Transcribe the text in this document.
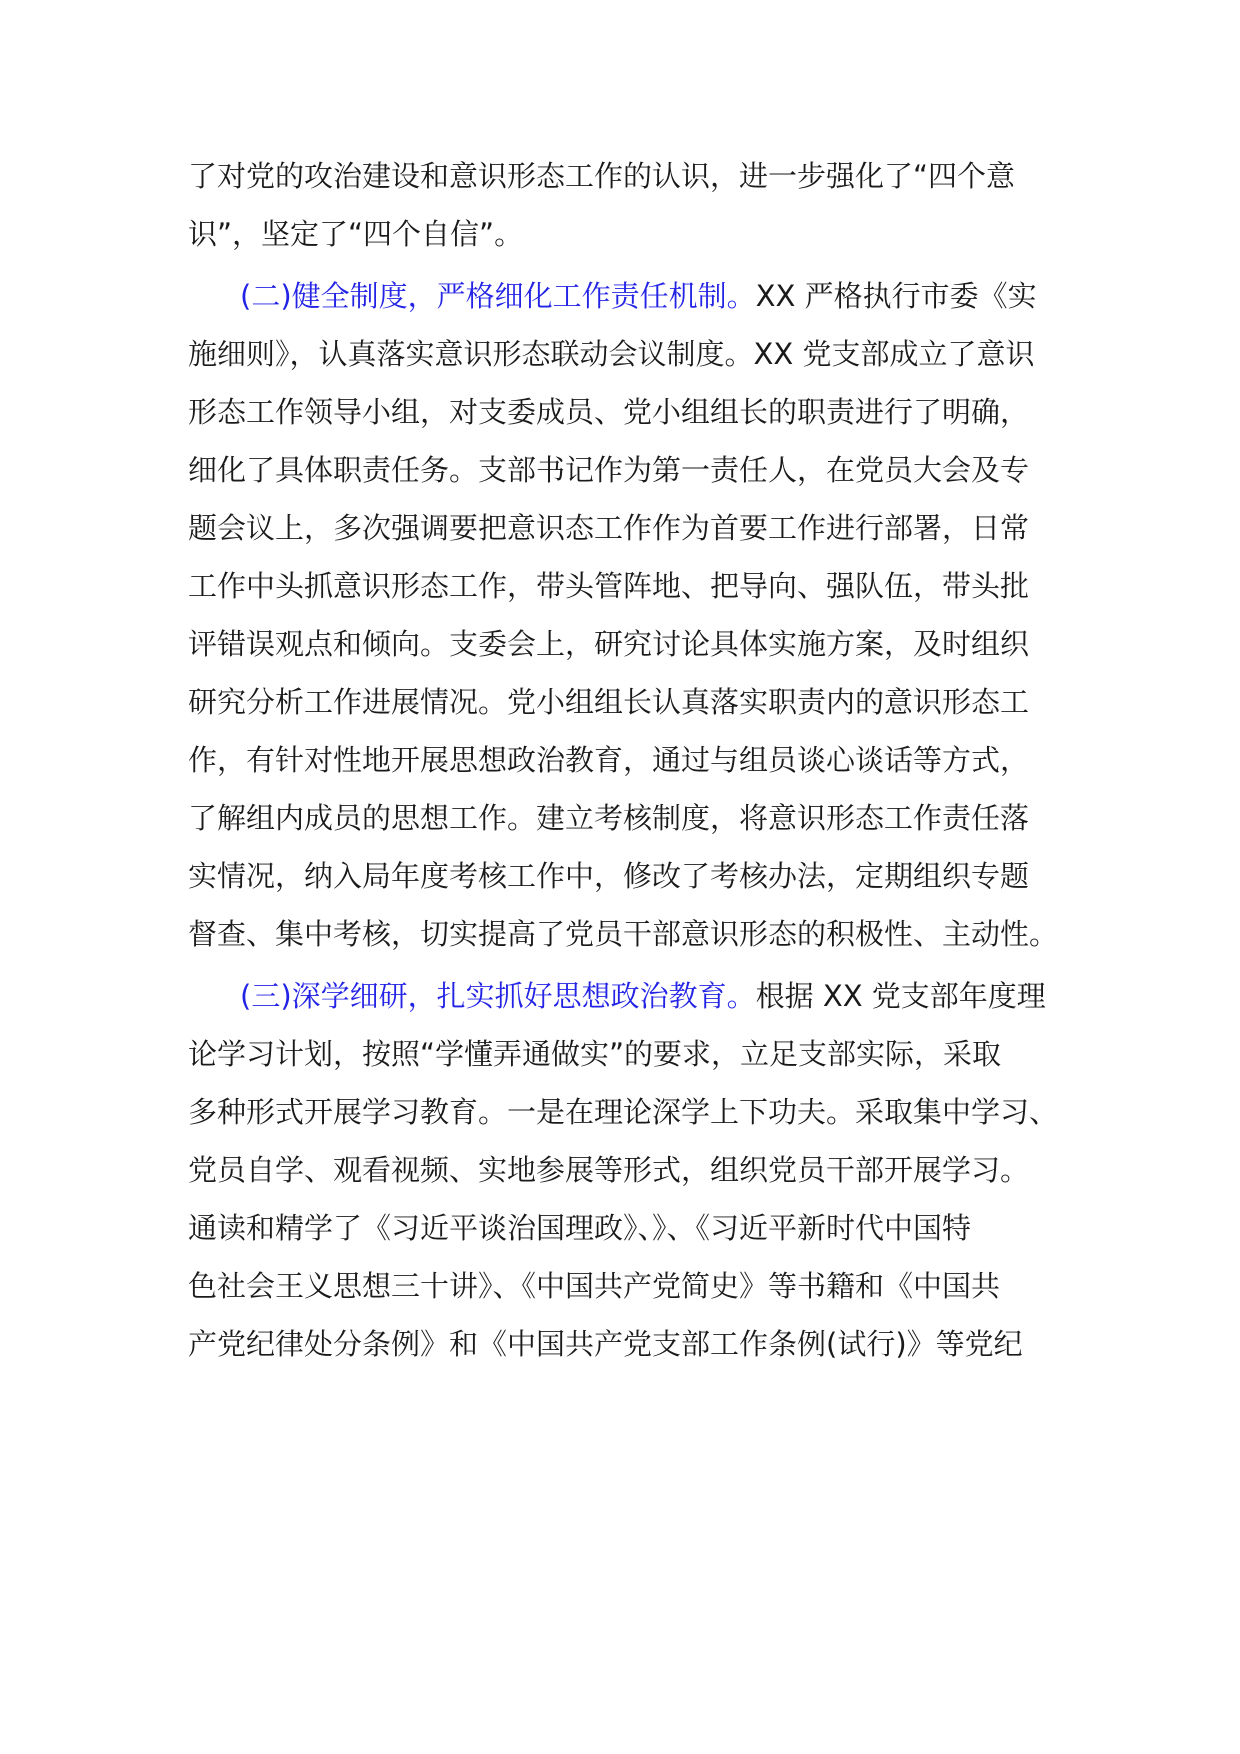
了对党的攻治建设和意识形态工作的认识，进一步强化了“四个意
识”，坚定了“四个自信”。
(二)健全制度，严格细化工作责任机制。XX 严格执行市委《实
施细则》，认真落实意识形态联动会议制度。XX 党支部成立了意识
形态工作领导小组，对支委成员、党小组组长的职责进行了明确，
细化了具体职责任务。支部书记作为第一责任人，在党员大会及专
题会议上，多次强调要把意识态工作作为首要工作进行部署，日常
工作中头抓意识形态工作，带头管阵地、把导向、强队伍，带头批
评错误观点和倾向。支委会上，研究讨论具体实施方案，及时组织
研究分析工作进展情况。党小组组长认真落实职责内的意识形态工
作，有针对性地开展思想政治教育，通过与组员谈心谈话等方式，
了解组内成员的思想工作。建立考核制度，将意识形态工作责任落
实情况，纳入局年度考核工作中，修改了考核办法，定期组织专题
督查、集中考核，切实提高了党员干部意识形态的积极性、主动性。
(三)深学细研，扎实抓好思想政治教育。根据 XX 党支部年度理
论学习计划，按照“学懂弄通做实”的要求，立足支部实际，采取
多种形式开展学习教育。一是在理论深学上下功夫。采取集中学习、
党员自学、观看视频、实地参展等形式，组织党员干部开展学习。
通读和精学了《习近平谈治国理政》、》、《习近平新时代中国特
色社会王义思想三十讲》、《中国共产党简史》等书籍和《中国共
产党纪律处分条例》和《中国共产党支部工作条例(试行)》等党纪
